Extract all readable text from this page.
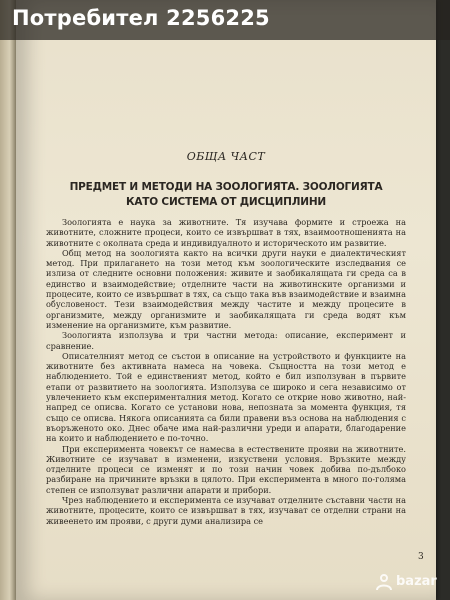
ОБЩА ЧАСТ
ПРЕДМЕТ И МЕТОДИ НА ЗООЛОГИЯТА. ЗООЛОГИЯТА
КАТО СИСТЕМА ОТ ДИСЦИПЛИНИ

Зоологията е наука за животните. Тя изучава формите и строежа на животните, сложните процеси, които се извършват в тях, взаимоотношенията на животните с околната среда и индивидуалното и историческото им развитие.

Общ метод на зоологията както на всички други науки е диалектическият метод. При прилагането на този метод към зоологическите изследвания се излиза от следните основни положения: живите и заобикалящата ги среда са в единство и взаимодействие; отделните части на животинските организми и процесите, които се извършват в тях, са също така във взаимодействие и взаимна обусловеност. Тези взаимодействия между частите и между процесите в организмите, между организмите и заобикалящата ги среда водят към изменение на организмите, към развитие.

Зоологията използува и три частни метода: описание, експеримент и сравнение.

Описателният метод се състои в описание на устройството и функциите на животните без активната намеса на човека. Същността на този метод е наблюдението. Той е единственият метод, който е бил използуван в първите етапи от развитието на зоологията. Използува се широко и сега независимо от увлечението към експерименталния метод. Когато се открие ново животно, най-напред се описва. Когато се установи нова, непозната за момента функция, тя също се описва. Някога описанията са били правени въз основа на наблюдения с въоръженото око. Днес обаче има най-различни уреди и апарати, благодарение на които и наблюдението е по-точно.

При експеримента човекът се намесва в естествените прояви на животните. Животните се изучават в изменени, изкуствени условия. Връзките между отделните процеси се изменят и по този начин човек добива по-дълбоко разбиране на причините връзки в цялото. При експеримента в много по-голяма степен се използуват различни апарати и прибори.

Чрез наблюдението и експеримента се изучават отделните съставни части на животните, процесите, които се извършват в тях, изучават се отделни страни на живеенето им прояви, с други думи анализира се

3
Потребител 2256225
bazar
